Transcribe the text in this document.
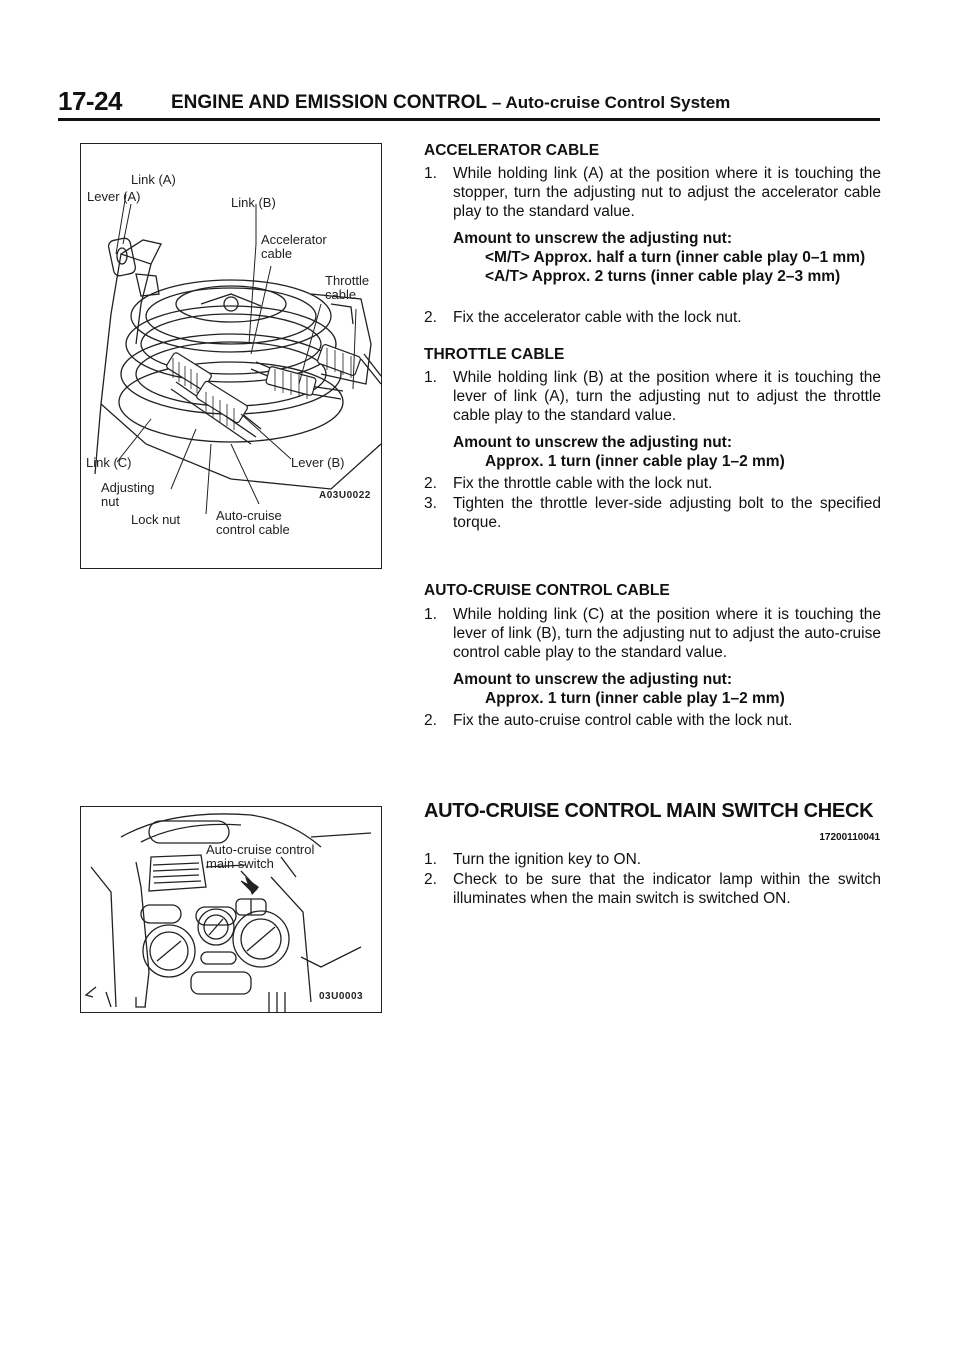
17-24	ENGINE AND EMISSION CONTROL – Auto-cruise Control System
Link (A)
Lever (A)	Link (B)
Accelerator
cable
Throttle
cable
Link (C)	Lever (B)
Adjusting
nut	A03U0022
Lock nut	Auto-cruise
control cable
Auto-cruise control
main switch
03U0003
ACCELERATOR CABLE
1. While holding link (A) at the position where it is touching the stopper, turn the adjusting nut to adjust the accelerator cable play to the standard value.
Amount to unscrew the adjusting nut:
<M/T> Approx. half a turn (inner cable play 0–1 mm)
<A/T> Approx. 2 turns (inner cable play 2–3 mm)
2. Fix the accelerator cable with the lock nut.
THROTTLE CABLE
1. While holding link (B) at the position where it is touching the lever of link (A), turn the adjusting nut to adjust the throttle cable play to the standard value.
Amount to unscrew the adjusting nut:
Approx. 1 turn (inner cable play 1–2 mm)
2. Fix the throttle cable with the lock nut.
3. Tighten the throttle lever-side adjusting bolt to the specified torque.
AUTO-CRUISE CONTROL CABLE
1. While holding link (C) at the position where it is touching the lever of link (B), turn the adjusting nut to adjust the auto-cruise control cable play to the standard value.
Amount to unscrew the adjusting nut:
Approx. 1 turn (inner cable play 1–2 mm)
2. Fix the auto-cruise control cable with the lock nut.
AUTO-CRUISE CONTROL MAIN SWITCH CHECK
17200110041
1. Turn the ignition key to ON.
2. Check to be sure that the indicator lamp within the switch illuminates when the main switch is switched ON.
